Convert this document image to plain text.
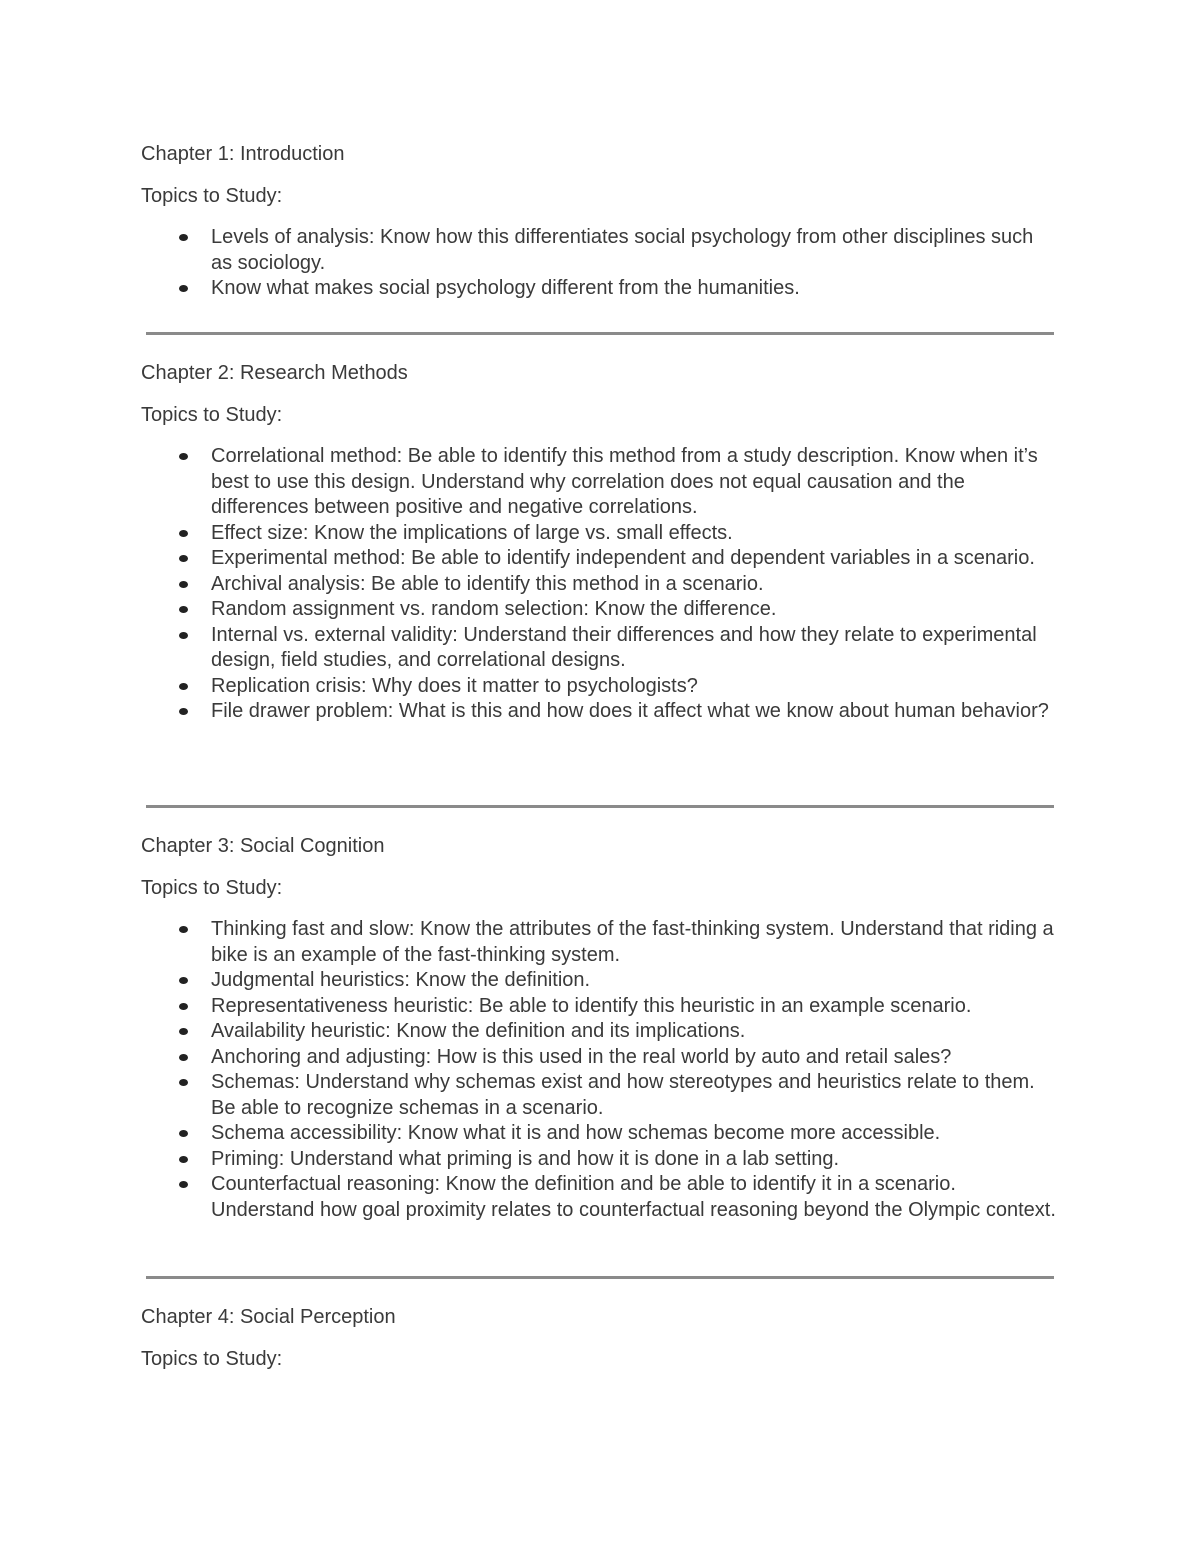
Chapter 1: Introduction

Topics to Study:

Levels of analysis: Know how this differentiates social psychology from other disciplines such as sociology.
Know what makes social psychology different from the humanities.
Chapter 2: Research Methods

Topics to Study:

Correlational method: Be able to identify this method from a study description. Know when it’s best to use this design. Understand why correlation does not equal causation and the differences between positive and negative correlations.
Effect size: Know the implications of large vs. small effects.
Experimental method: Be able to identify independent and dependent variables in a scenario.
Archival analysis: Be able to identify this method in a scenario.
Random assignment vs. random selection: Know the difference.
Internal vs. external validity: Understand their differences and how they relate to experimental design, field studies, and correlational designs.
Replication crisis: Why does it matter to psychologists?
File drawer problem: What is this and how does it affect what we know about human behavior?
Chapter 3: Social Cognition

Topics to Study:

Thinking fast and slow: Know the attributes of the fast-thinking system. Understand that riding a bike is an example of the fast-thinking system.
Judgmental heuristics: Know the definition.
Representativeness heuristic: Be able to identify this heuristic in an example scenario.
Availability heuristic: Know the definition and its implications.
Anchoring and adjusting: How is this used in the real world by auto and retail sales?
Schemas: Understand why schemas exist and how stereotypes and heuristics relate to them. Be able to recognize schemas in a scenario.
Schema accessibility: Know what it is and how schemas become more accessible.
Priming: Understand what priming is and how it is done in a lab setting.
Counterfactual reasoning: Know the definition and be able to identify it in a scenario. Understand how goal proximity relates to counterfactual reasoning beyond the Olympic context.
Chapter 4: Social Perception

Topics to Study:
